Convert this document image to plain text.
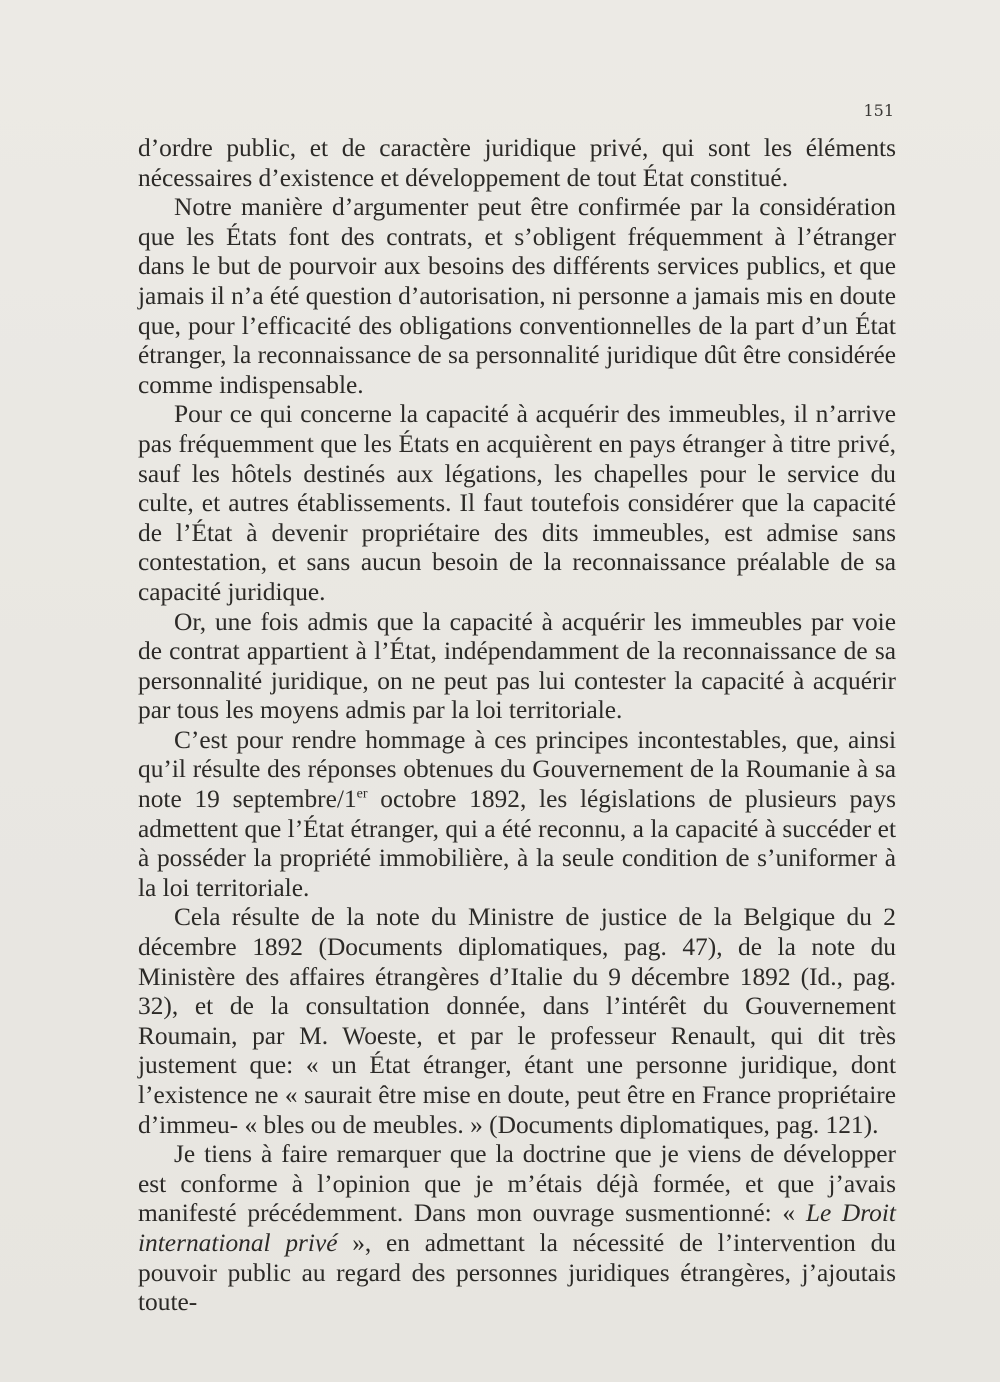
151

d’ordre public, et de caractère juridique privé, qui sont les éléments nécessaires d’existence et développement de tout État constitué.

Notre manière d’argumenter peut être confirmée par la considération que les États font des contrats, et s’obligent fréquemment à l’étranger dans le but de pourvoir aux besoins des différents services publics, et que jamais il n’a été question d’autorisation, ni personne a jamais mis en doute que, pour l’efficacité des obligations conventionnelles de la part d’un État étranger, la reconnaissance de sa personnalité juridique dût être considérée comme indispensable.

Pour ce qui concerne la capacité à acquérir des immeubles, il n’arrive pas fréquemment que les États en acquièrent en pays étranger à titre privé, sauf les hôtels destinés aux légations, les chapelles pour le service du culte, et autres établissements. Il faut toutefois considérer que la capacité de l’État à devenir propriétaire des dits immeubles, est admise sans contestation, et sans aucun besoin de la reconnaissance préalable de sa capacité juridique.

Or, une fois admis que la capacité à acquérir les immeubles par voie de contrat appartient à l’État, indépendamment de la reconnaissance de sa personnalité juridique, on ne peut pas lui contester la capacité à acquérir par tous les moyens admis par la loi territoriale.

C’est pour rendre hommage à ces principes incontestables, que, ainsi qu’il résulte des réponses obtenues du Gouvernement de la Roumanie à sa note 19 septembre/1er octobre 1892, les législations de plusieurs pays admettent que l’État étranger, qui a été reconnu, a la capacité à succéder et à posséder la propriété immobilière, à la seule condition de s’uniformer à la loi territoriale.

Cela résulte de la note du Ministre de justice de la Belgique du 2 décembre 1892 (Documents diplomatiques, pag. 47), de la note du Ministère des affaires étrangères d’Italie du 9 décembre 1892 (Id., pag. 32), et de la consultation donnée, dans l’intérêt du Gouvernement Roumain, par M. Woeste, et par le professeur Renault, qui dit très justement que: « un État étranger, étant une personne juridique, dont l’existence ne « saurait être mise en doute, peut être en France propriétaire d’immeu- « bles ou de meubles. » (Documents diplomatiques, pag. 121).

Je tiens à faire remarquer que la doctrine que je viens de développer est conforme à l’opinion que je m’étais déjà formée, et que j’avais manifesté précédemment. Dans mon ouvrage susmentionné: « Le Droit international privé », en admettant la nécessité de l’intervention du pouvoir public au regard des personnes juridiques étrangères, j’ajoutais toute-
